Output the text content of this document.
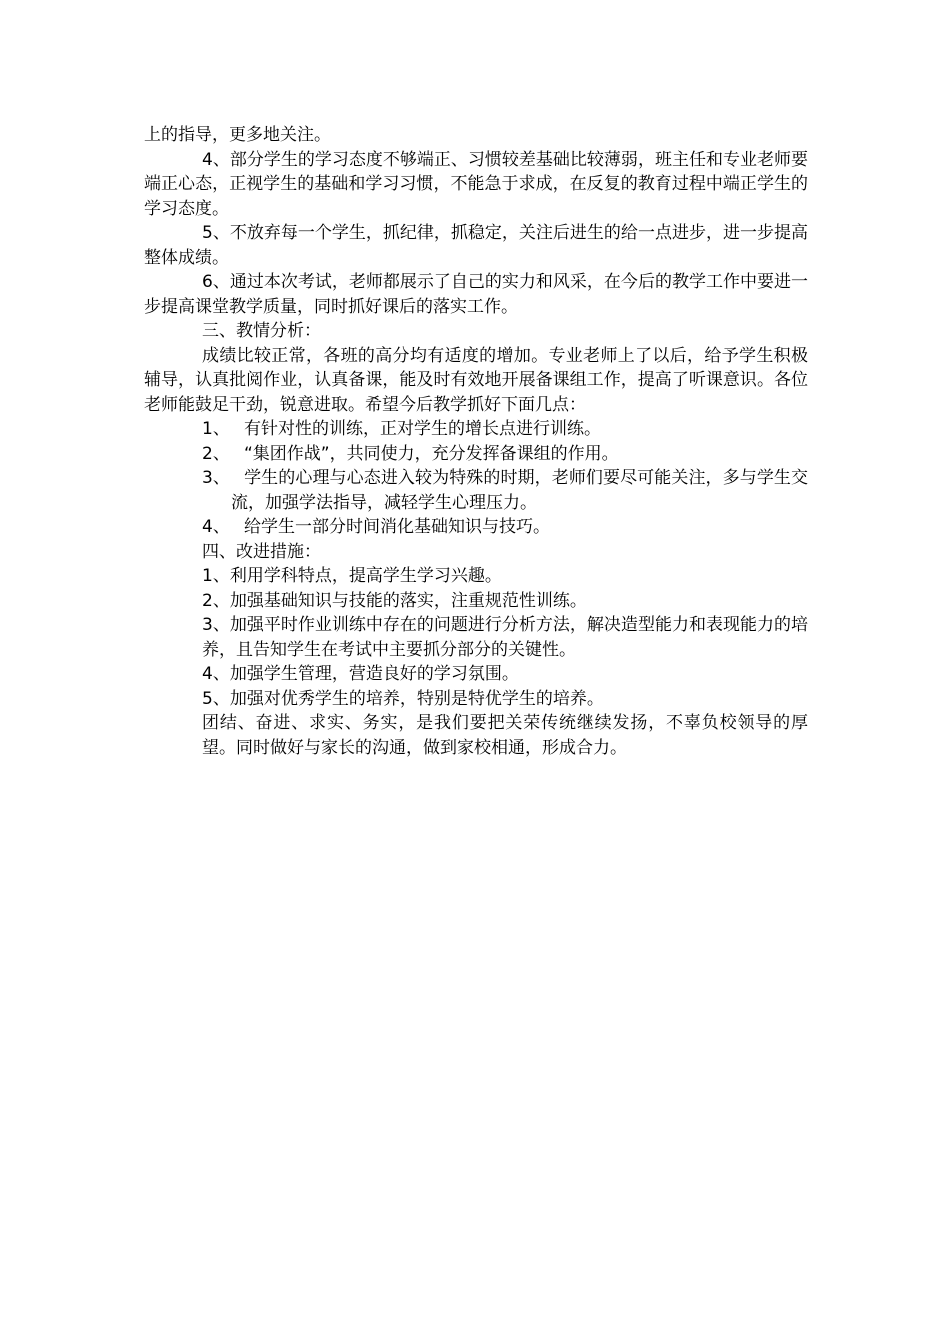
上的指导，更多地关注。

4、部分学生的学习态度不够端正、习惯较差基础比较薄弱，班主任和专业老师要端正心态，正视学生的基础和学习习惯，不能急于求成，在反复的教育过程中端正学生的学习态度。

5、不放弃每一个学生，抓纪律，抓稳定，关注后进生的给一点进步，进一步提高整体成绩。

6、通过本次考试，老师都展示了自己的实力和风采，在今后的教学工作中要进一步提高课堂教学质量，同时抓好课后的落实工作。

三、教情分析：

成绩比较正常，各班的高分均有适度的增加。专业老师上了以后，给予学生积极辅导，认真批阅作业，认真备课，能及时有效地开展备课组工作，提高了听课意识。各位老师能鼓足干劲，锐意进取。希望今后教学抓好下面几点：

1、 有针对性的训练，正对学生的增长点进行训练。
2、 “集团作战”，共同使力，充分发挥备课组的作用。
3、 学生的心理与心态进入较为特殊的时期，老师们要尽可能关注，多与学生交流，加强学法指导，减轻学生心理压力。
4、 给学生一部分时间消化基础知识与技巧。

四、改进措施：

1、利用学科特点，提高学生学习兴趣。

2、加强基础知识与技能的落实，注重规范性训练。

3、加强平时作业训练中存在的问题进行分析方法，解决造型能力和表现能力的培养，且告知学生在考试中主要抓分部分的关键性。

4、加强学生管理，营造良好的学习氛围。

5、加强对优秀学生的培养，特别是特优学生的培养。

团结、奋进、求实、务实，是我们要把关荣传统继续发扬，不辜负校领导的厚望。同时做好与家长的沟通，做到家校相通，形成合力。
